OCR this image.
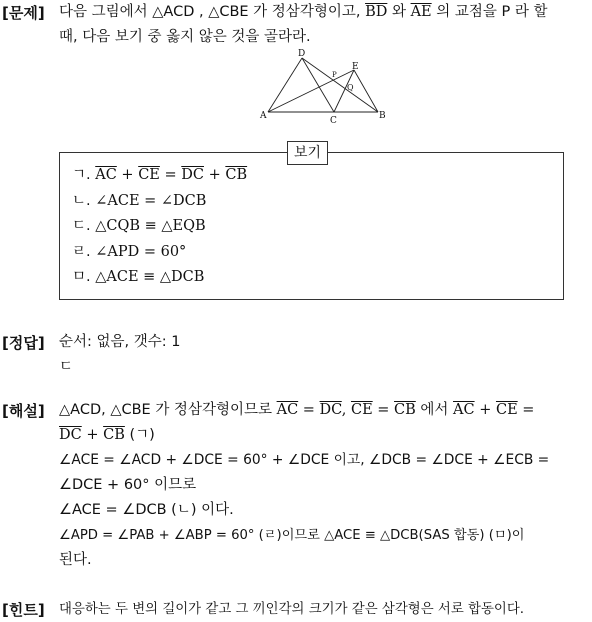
[문제] 다음 그림에서 △ACD , △CBE 가 정삼각형이고, $\overline{BD}$ 와 $\overline{AE}$ 의 교점을 P 라 할
때, 다음 보기 중 옳지 않은 것을 골라라.
A	C	B
D
E
P
Q
보기
ㄱ. $\overline{AC} + \overline{CE} = \overline{DC} + \overline{CB}$
ㄴ. ∠ACE = ∠DCB
ㄷ. △CQB ≡ △EQB
ㄹ. ∠APD = 60°
ㅁ. △ACE ≡ △DCB
[정답] 순서: 없음, 갯수: 1
ㄷ
[해설] △ACD, △CBE 가 정삼각형이므로 $\overline{AC} = \overline{DC}$, $\overline{CE} = \overline{CB}$ 에서 $\overline{AC} + \overline{CE}$ =
$\overline{DC} + \overline{CB}$ (ㄱ)
∠ACE = ∠ACD + ∠DCE = 60° + ∠DCE 이고, ∠DCB = ∠DCE + ∠ECB =
∠DCE + 60° 이므로
∠ACE = ∠DCB (ㄴ) 이다.
∠APD = ∠PAB + ∠ABP = 60° (ㄹ)이므로 △ACE ≡ △DCB(SAS 합동) (ㅁ)이
된다.
[힌트] 대응하는 두 변의 길이가 같고 그 끼인각의 크기가 같은 삼각형은 서로 합동이다.
